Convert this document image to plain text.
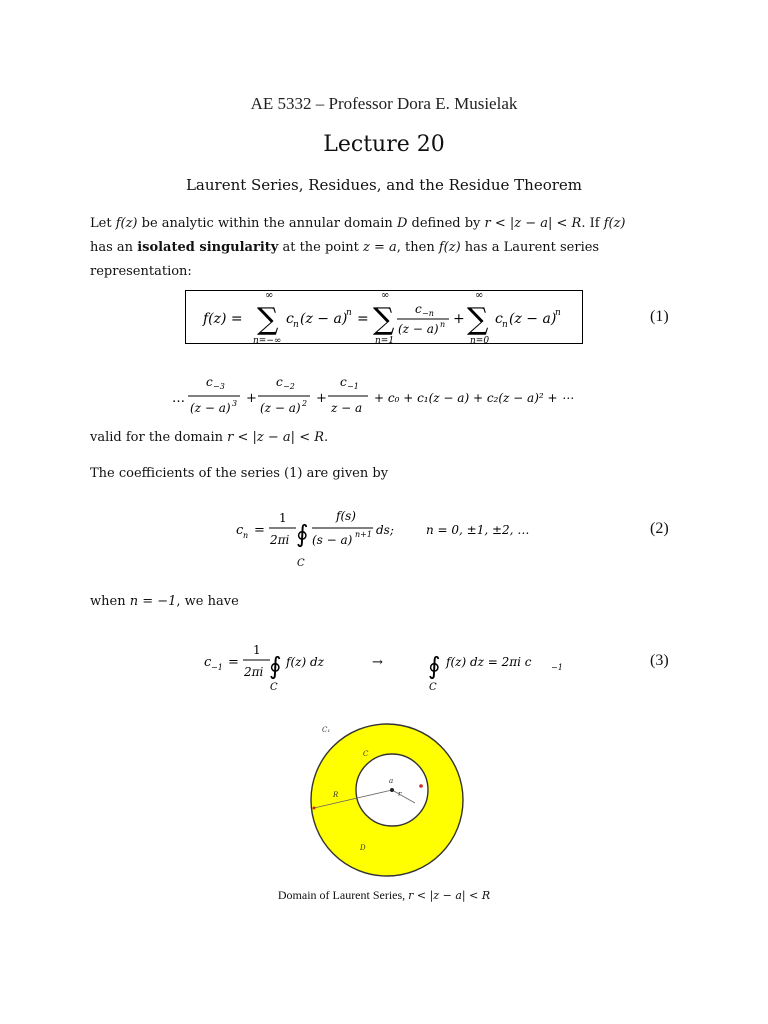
AE 5332 – Professor Dora E. Musielak
Lecture 20
Laurent Series, Residues, and the Residue Theorem
Let f(z) be analytic within the annular domain D defined by r < |z − a| < R. If f(z)
has an isolated singularity at the point z = a, then f(z) has a Laurent series
representation:
f(z) = ∑
∞
n=−∞
c n (z − a)
n = ∑
∞
n=1
c −n
(z − a) n + ∑
∞
n=0
c n (z − a)
n	(1)
…
c −3
(z − a) 3 +
c −2
(z − a) 2 +
c −1
z − a
+ c₀ + c₁(z − a) + c₂(z − a)² + ⋯
valid for the domain r < |z − a| < R.
The coefficients of the series (1) are given by
c n =
1
2πi ∮
C
f(s)
(s − a) n+1 ds;	n = 0, ±1, ±2, …	(2)
when n = −1, we have
c −1 =
1
2πi ∮
C
f(z) dz	→ ∮
C
f(z) dz = 2πi c −1	(3)
C₁
C
a
R	r
D
Domain of Laurent Series, r < |z − a| < R
